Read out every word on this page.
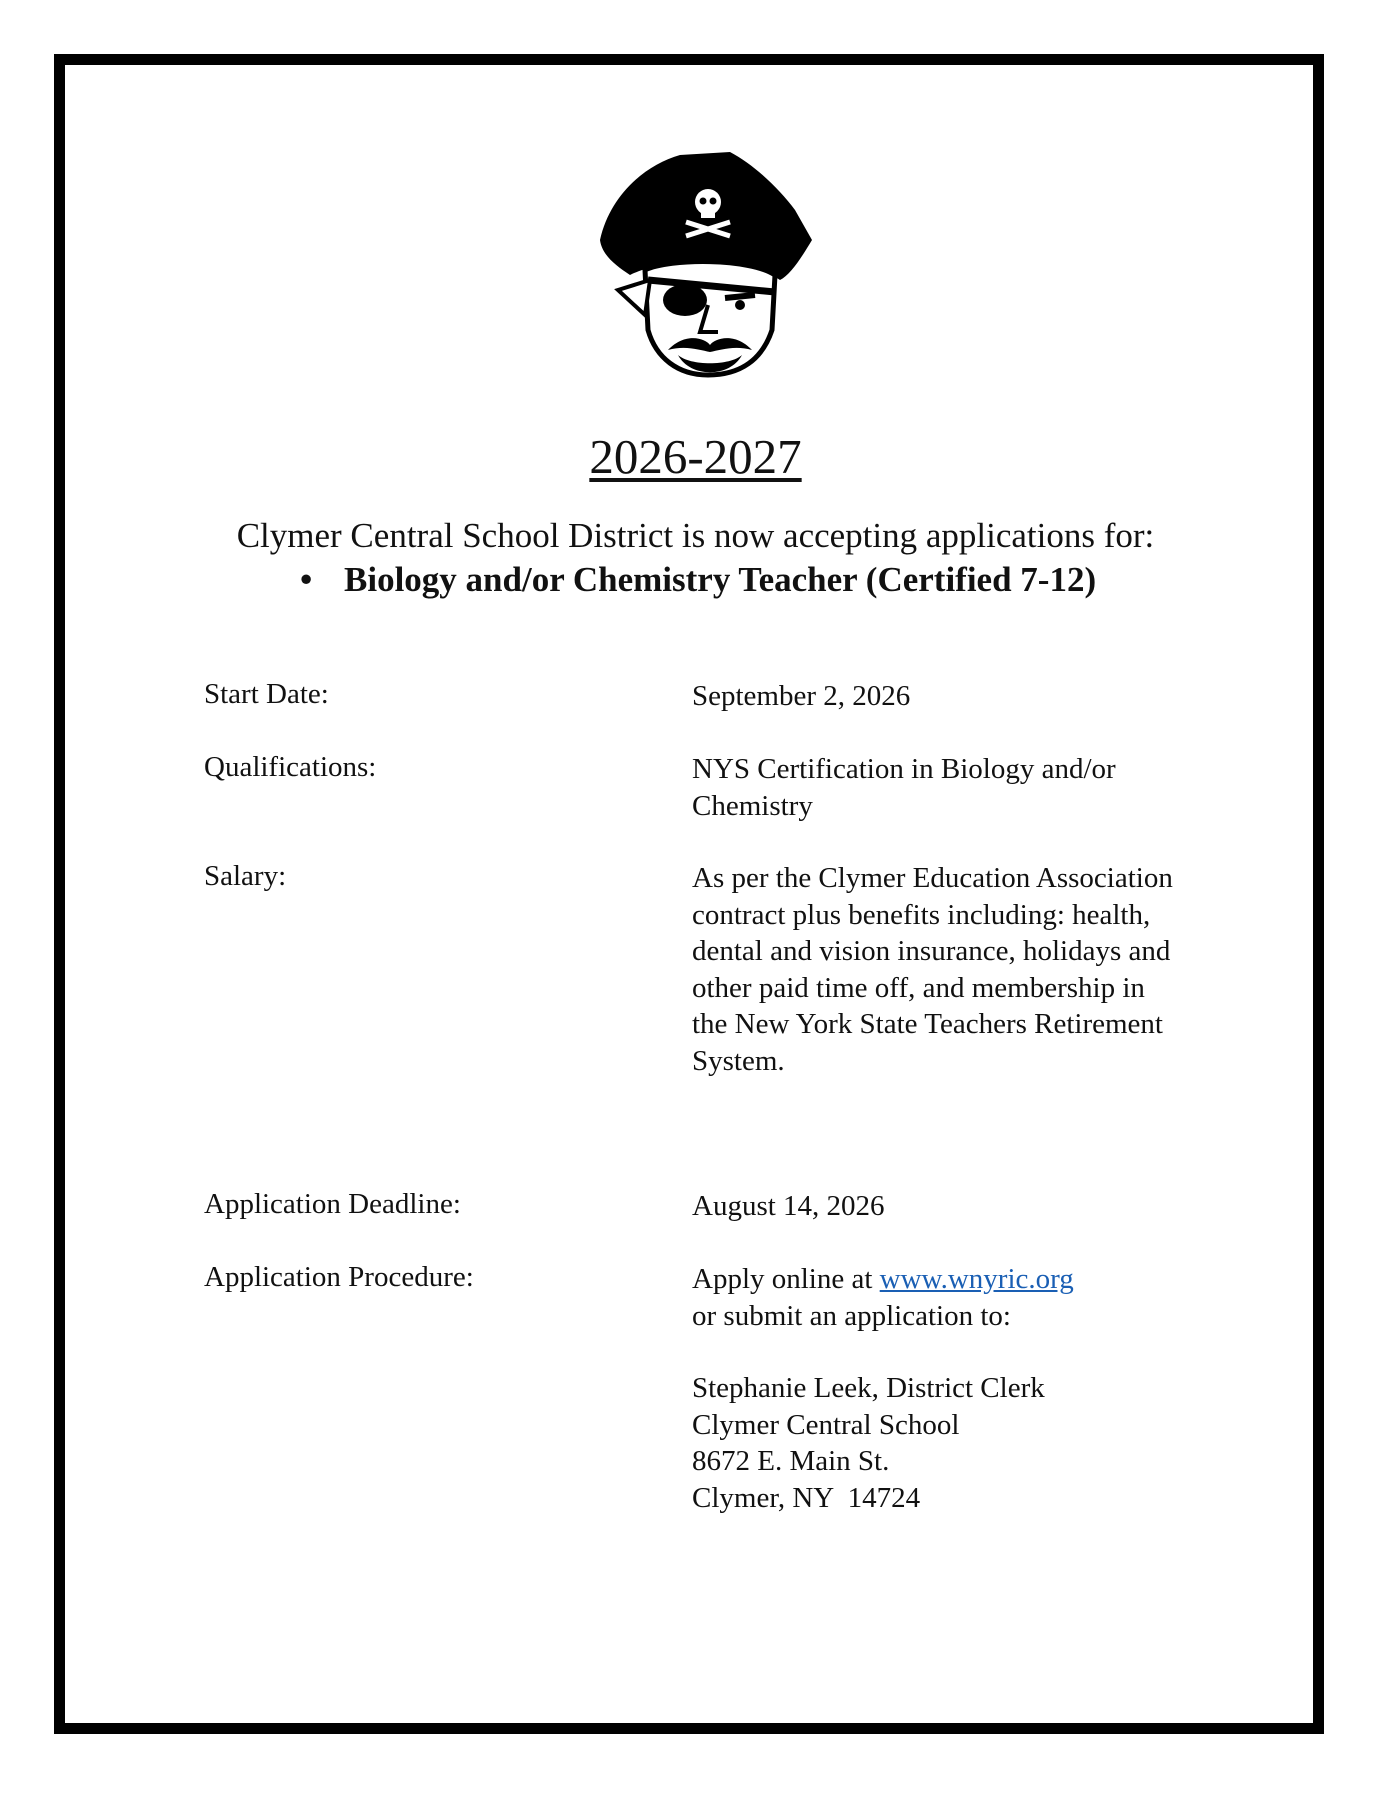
2026-2027
Clymer Central School District is now accepting applications for:
• Biology and/or Chemistry Teacher (Certified 7-12)
Start Date:	September 2, 2026
Qualifications:	NYS Certification in Biology and/or Chemistry
Salary:	As per the Clymer Education Association contract plus benefits including: health, dental and vision insurance, holidays and other paid time off, and membership in the New York State Teachers Retirement System.
Application Deadline:	August 14, 2026
Application Procedure:	Apply online at www.wnyric.org
or submit an application to:
Stephanie Leek, District Clerk
Clymer Central School
8672 E. Main St.
Clymer, NY  14724
